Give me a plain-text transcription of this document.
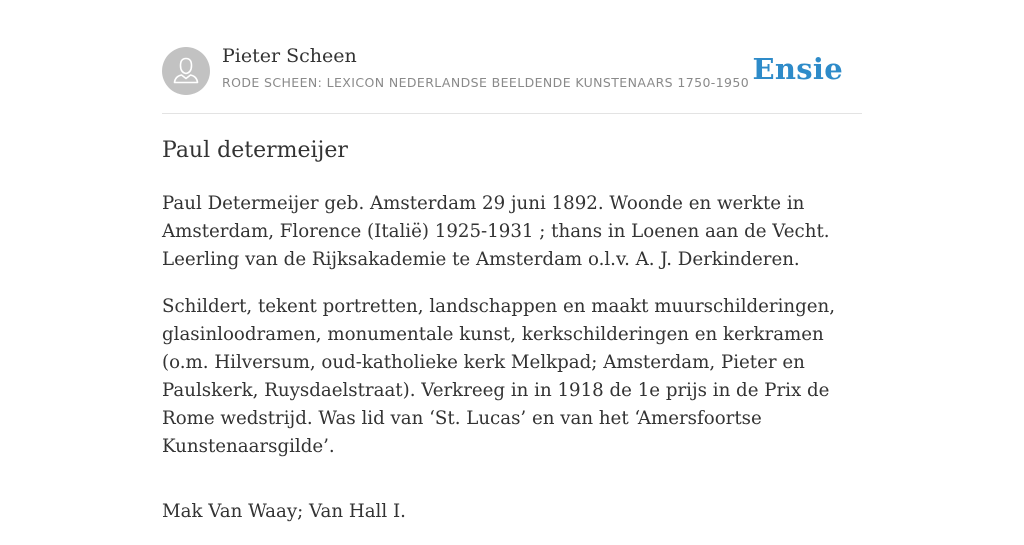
Pieter Scheen
RODE SCHEEN: LEXICON NEDERLANDSE BEELDENDE KUNSTENAARS 1750-1950 Ensie
Paul determeijer

Paul Determeijer geb. Amsterdam 29 juni 1892. Woonde en werkte in Amsterdam, Florence (Italië) 1925-1931 ; thans in Loenen aan de Vecht. Leerling van de Rijksakademie te Amsterdam o.l.v. A. J. Derkinderen.

Schildert, tekent portretten, landschappen en maakt muurschilderingen, glasinloodramen, monumentale kunst, kerkschilderingen en kerkramen (o.m. Hilversum, oud-katholieke kerk Melkpad; Amsterdam, Pieter en Paulskerk, Ruysdaelstraat). Verkreeg in in 1918 de 1e prijs in de Prix de Rome wedstrijd. Was lid van ‘St. Lucas’ en van het ‘Amersfoortse Kunstenaarsgilde’.

Mak Van Waay; Van Hall I.
